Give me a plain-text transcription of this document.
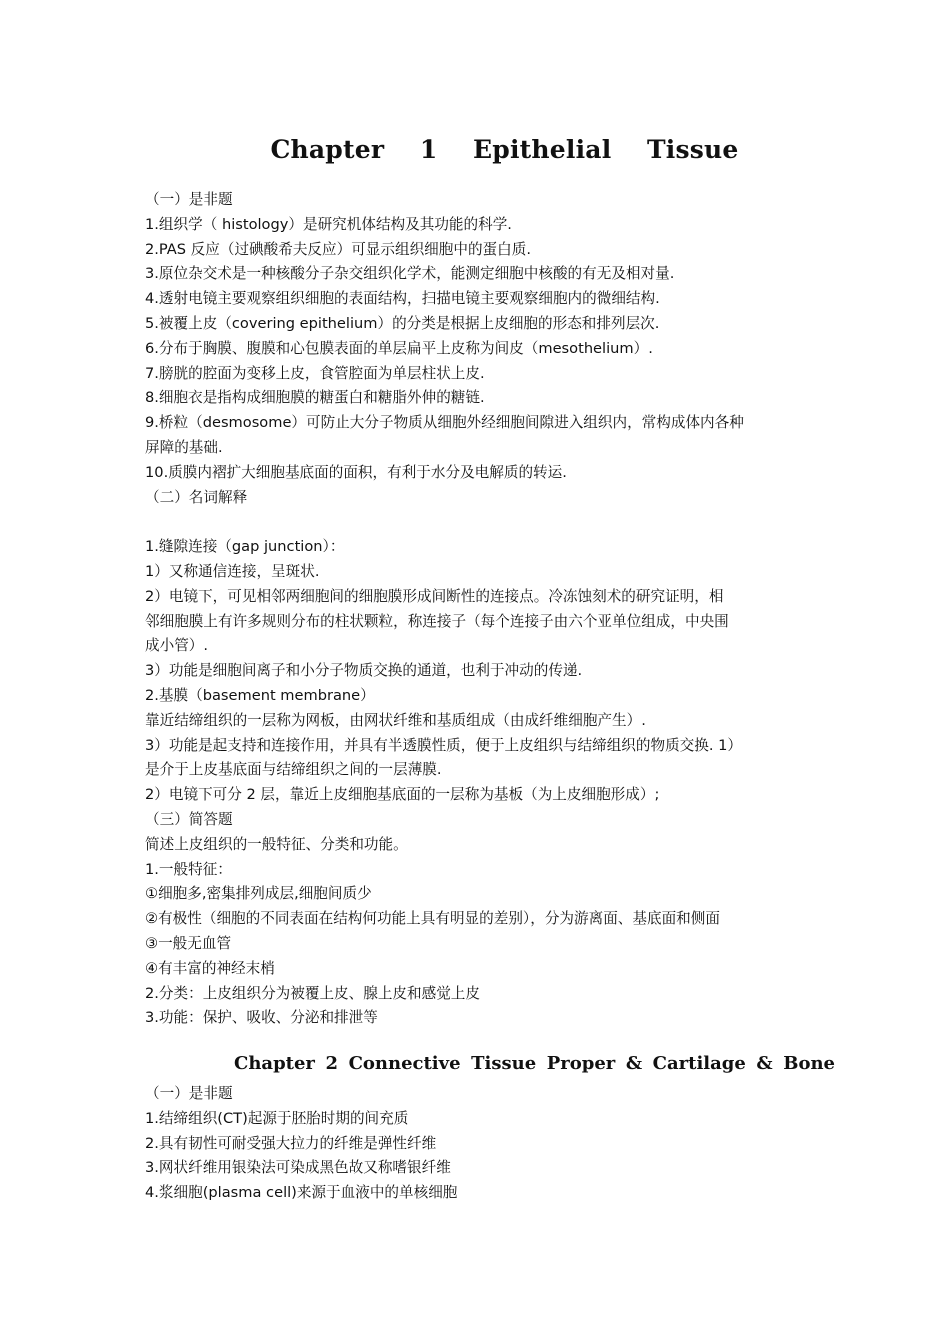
Chapter    1    Epithelial    Tissue
（一）是非题
1.组织学（ histology）是研究机体结构及其功能的科学.
2.PAS 反应（过碘酸希夫反应）可显示组织细胞中的蛋白质.
3.原位杂交术是一种核酸分子杂交组织化学术，能测定细胞中核酸的有无及相对量.
4.透射电镜主要观察组织细胞的表面结构，扫描电镜主要观察细胞内的微细结构.
5.被覆上皮（covering epithelium）的分类是根据上皮细胞的形态和排列层次.
6.分布于胸膜、腹膜和心包膜表面的单层扁平上皮称为间皮（mesothelium）.
7.膀胱的腔面为变移上皮，食管腔面为单层柱状上皮.
8.细胞衣是指构成细胞膜的糖蛋白和糖脂外伸的糖链.
9.桥粒（desmosome）可防止大分子物质从细胞外经细胞间隙进入组织内，常构成体内各种
屏障的基础.
10.质膜内褶扩大细胞基底面的面积，有利于水分及电解质的转运.
（二）名词解释
1.缝隙连接（gap junction）：
1）又称通信连接，呈斑状.
2）电镜下，可见相邻两细胞间的细胞膜形成间断性的连接点。冷冻蚀刻术的研究证明，相
邻细胞膜上有许多规则分布的柱状颗粒，称连接子（每个连接子由六个亚单位组成，中央围
成小管）.
3）功能是细胞间离子和小分子物质交换的通道，也利于冲动的传递.
2.基膜（basement membrane）
靠近结缔组织的一层称为网板，由网状纤维和基质组成（由成纤维细胞产生）.
3）功能是起支持和连接作用，并具有半透膜性质，便于上皮组织与结缔组织的物质交换. 1）
是介于上皮基底面与结缔组织之间的一层薄膜.
2）电镜下可分 2 层，靠近上皮细胞基底面的一层称为基板（为上皮细胞形成）;
（三）简答题
简述上皮组织的一般特征、分类和功能。
1.一般特征：
①细胞多,密集排列成层,细胞间质少
②有极性（细胞的不同表面在结构何功能上具有明显的差别），分为游离面、基底面和侧面
③一般无血管
④有丰富的神经末梢
2.分类：上皮组织分为被覆上皮、腺上皮和感觉上皮
3.功能：保护、吸收、分泌和排泄等
Chapter 2 Connective Tissue Proper & Cartilage & Bone
（一）是非题
1.结缔组织(CT)起源于胚胎时期的间充质
2.具有韧性可耐受强大拉力的纤维是弹性纤维
3.网状纤维用银染法可染成黑色故又称嗜银纤维
4.浆细胞(plasma cell)来源于血液中的单核细胞
